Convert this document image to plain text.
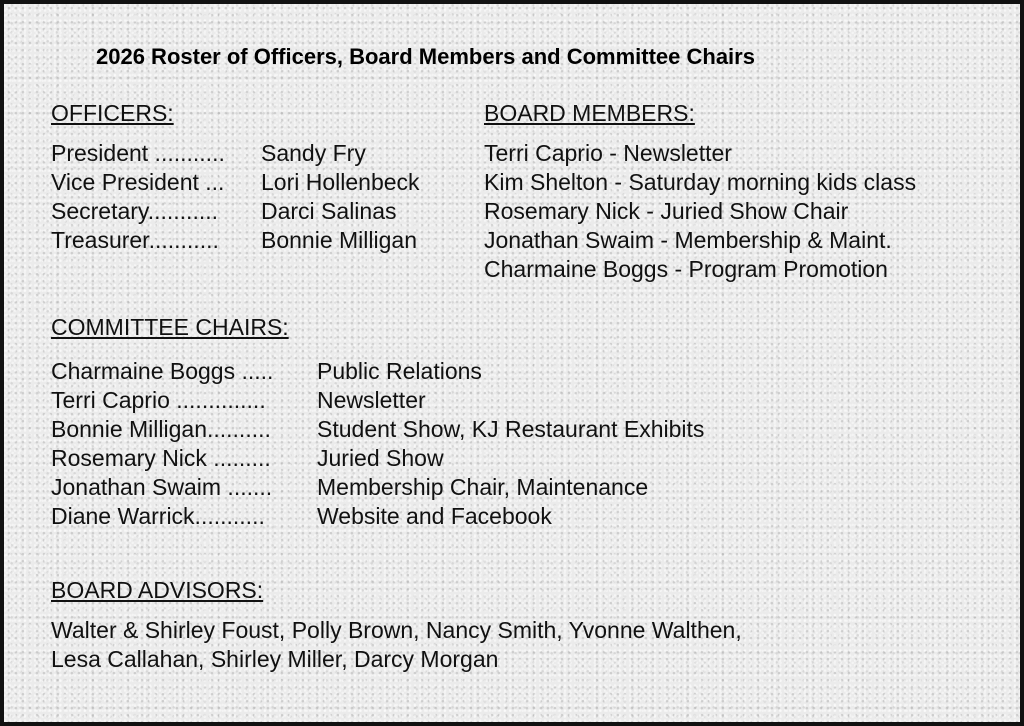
2026 Roster of Officers, Board Members and Committee Chairs
OFFICERS:
President ........... Sandy Fry
Vice President ... Lori Hollenbeck
Secretary........... Darci Salinas
Treasurer........... Bonnie Milligan
BOARD MEMBERS:
Terri Caprio - Newsletter
Kim Shelton - Saturday morning kids class
Rosemary Nick - Juried Show Chair
Jonathan Swaim - Membership & Maint.
Charmaine Boggs - Program Promotion
COMMITTEE CHAIRS:
Charmaine Boggs ..... Public Relations
Terri Caprio .............. Newsletter
Bonnie Milligan.......... Student Show, KJ Restaurant Exhibits
Rosemary Nick ......... Juried Show
Jonathan Swaim ....... Membership Chair, Maintenance
Diane Warrick........... Website and Facebook
BOARD ADVISORS:
Walter & Shirley Foust, Polly Brown, Nancy Smith, Yvonne Walthen,
Lesa Callahan, Shirley Miller, Darcy Morgan
